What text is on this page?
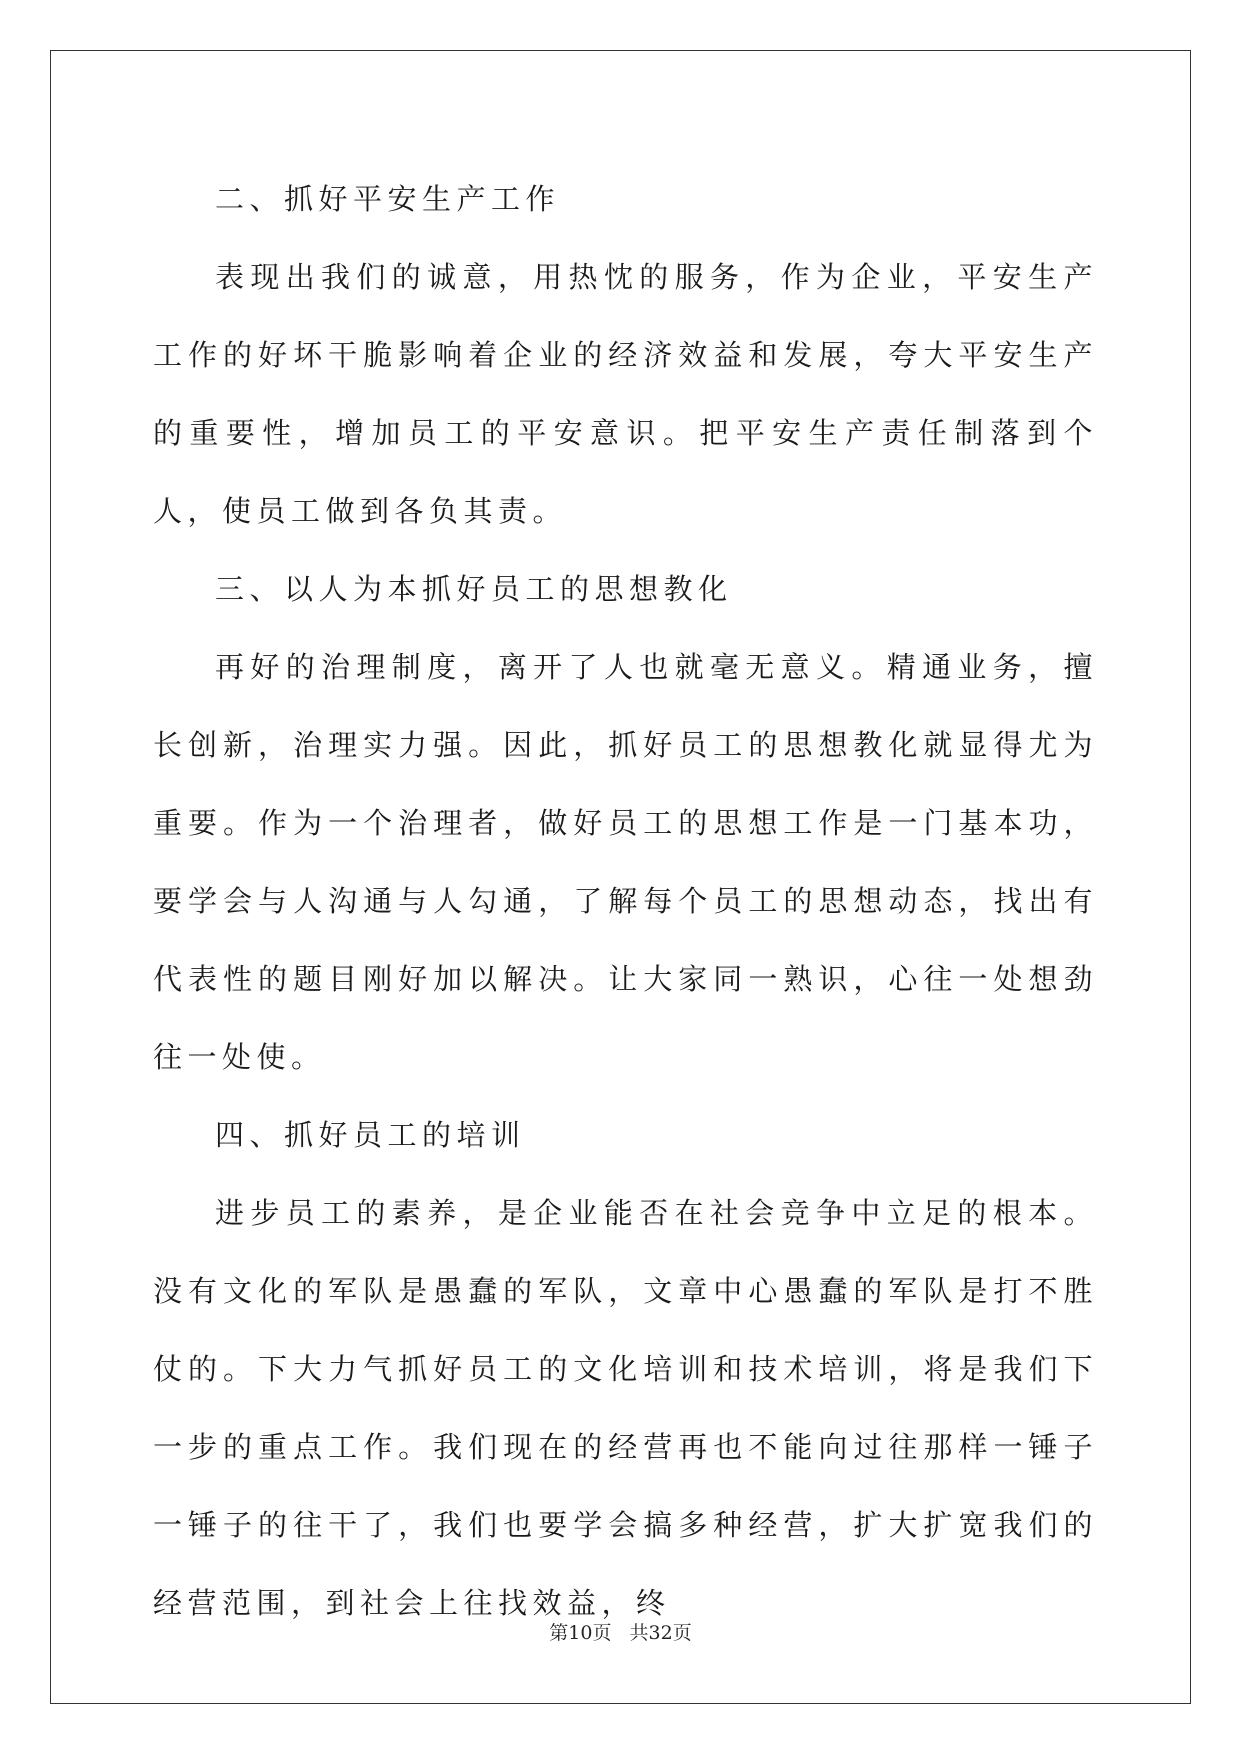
二、抓好平安生产工作

表现出我们的诚意，用热忱的服务，作为企业，平安生产工作的好坏干脆影响着企业的经济效益和发展，夸大平安生产的重要性，增加员工的平安意识。把平安生产责任制落到个人，使员工做到各负其责。

三、以人为本抓好员工的思想教化

再好的治理制度，离开了人也就毫无意义。精通业务，擅长创新，治理实力强。因此，抓好员工的思想教化就显得尤为重要。作为一个治理者，做好员工的思想工作是一门基本功，要学会与人沟通与人勾通，了解每个员工的思想动态，找出有代表性的题目刚好加以解决。让大家同一熟识，心往一处想劲往一处使。

四、抓好员工的培训

进步员工的素养，是企业能否在社会竞争中立足的根本。没有文化的军队是愚蠢的军队，文章中心愚蠢的军队是打不胜仗的。下大力气抓好员工的文化培训和技术培训，将是我们下一步的重点工作。我们现在的经营再也不能向过往那样一锤子一锤子的往干了，我们也要学会搞多种经营，扩大扩宽我们的经营范围，到社会上往找效益，终

第10页 共32页
